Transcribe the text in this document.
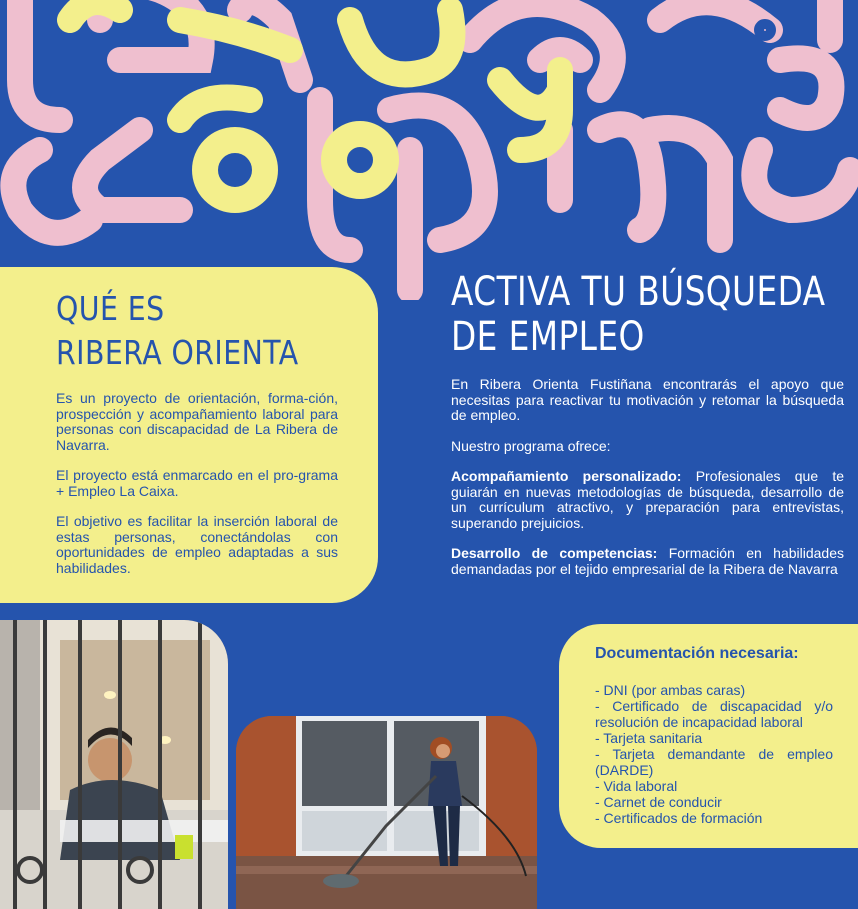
QUÉ ES
RIBERA ORIENTA

Es un proyecto de orientación, forma-ción, prospección y acompañamiento laboral para personas con discapacidad de La Ribera de Navarra.

El proyecto está enmarcado en el pro-grama + Empleo La Caixa.

El objetivo es facilitar la inserción laboral de estas personas, conectándolas con oportunidades de empleo adaptadas a sus habilidades.

ACTIVA TU BÚSQUEDA
DE EMPLEO

En Ribera Orienta Fustiñana encontrarás el apoyo que necesitas para reactivar tu motivación y retomar la búsqueda de empleo.

Nuestro programa ofrece:

Acompañamiento personalizado: Profesionales que te guiarán en nuevas metodologías de búsqueda, desarrollo de un currículum atractivo, y preparación para entrevistas, superando prejuicios.

Desarrollo de competencias: Formación en habilidades demandadas por el tejido empresarial de la Ribera de Navarra

Documentación necesaria:
- DNI (por ambas caras)
- Certificado de discapacidad y/o resolución de incapacidad laboral
- Tarjeta sanitaria
- Tarjeta demandante de empleo (DARDE)
- Vida laboral
- Carnet de conducir
- Certificados de formación
